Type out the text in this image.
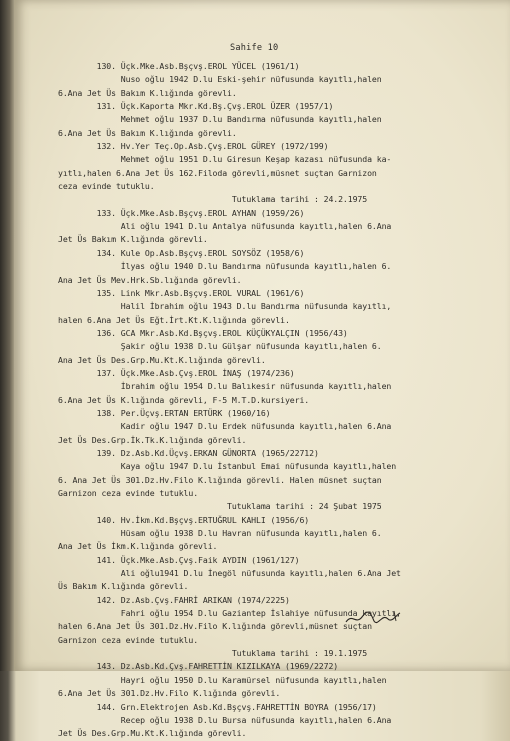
Sahife 10
130. Üçk.Mke.Asb.Bşçvş.EROL YÜCEL (1961/1)
Nuso oğlu 1942 D.lu Eski-şehir nüfusunda kayıtlı,halen
6.Ana Jet Üs Bakım K.lığında görevli.
131. Üçk.Kaporta Mkr.Kd.Bş.Çvş.EROL ÜZER (1957/1)
Mehmet oğlu 1937 D.lu Bandırma nüfusunda kayıtlı,halen
6.Ana Jet Üs Bakım K.lığında görevli.
132. Hv.Yer Teç.Op.Asb.Çvş.EROL GÜREY (1972/199)
Mehmet oğlu 1951 D.lu Giresun Keşap kazası nüfusunda ka-
yıtlı,halen 6.Ana Jet Üs 162.Filoda görevli,müsnet suçtan Garnizon
ceza evinde tutuklu.
Tutuklama tarihi : 24.2.1975
133. Üçk.Mke.Asb.Bşçvş.EROL AYHAN (1959/26)
Ali oğlu 1941 D.lu Antalya nüfusunda kayıtlı,halen 6.Ana
Jet Üs Bakım K.lığında görevli.
134. Kule Op.Asb.Bşçvş.EROL SOYSÖZ (1958/6)
İlyas oğlu 1940 D.lu Bandırma nüfusunda kayıtlı,halen 6.
Ana Jet Üs Mev.Hrk.Sb.lığında görevli.
135. Link Mkr.Asb.Bşçvş.EROL VURAL (1961/6)
Halil İbrahim oğlu 1943 D.lu Bandırma nüfusunda kayıtlı,
halen 6.Ana Jet Üs Eğt.İrt.Kt.K.lığında görevli.
136. GCA Mkr.Asb.Kd.Bşçvş.EROL KÜÇÜKYALÇIN (1956/43)
Şakir oğlu 1938 D.lu Gülşar nüfusunda kayıtlı,halen 6.
Ana Jet Üs Des.Grp.Mu.Kt.K.lığında görevli.
137. Üçk.Mke.Asb.Çvş.EROL İNAŞ (1974/236)
İbrahim oğlu 1954 D.lu Balıkesir nüfusunda kayıtlı,halen
6.Ana Jet Üs K.lığında görevli, F-5 M.T.D.kursiyeri.
138. Per.Üçvş.ERTAN ERTÜRK (1960/16)
Kadir oğlu 1947 D.lu Erdek nüfusunda kayıtlı,halen 6.Ana
Jet Üs Des.Grp.İk.Tk.K.lığında görevli.
139. Dz.Asb.Kd.Üçvş.ERKAN GÜNORTA (1965/22712)
Kaya oğlu 1947 D.lu İstanbul Emai nüfusunda kayıtlı,halen
6. Ana Jet Üs 301.Dz.Hv.Filo K.lığında görevli. Halen müsnet suçtan
Garnizon ceza evinde tutuklu.
Tutuklama tarihi : 24 Şubat 1975
140. Hv.İkm.Kd.Bşçvş.ERTUĞRUL KAHLI (1956/6)
Hüsam oğlu 1938 D.lu Havran nüfusunda kayıtlı,halen 6.
Ana Jet Üs İkm.K.lığında görevli.
141. Üçk.Mke.Asb.Çvş.Faik AYDIN (1961/127)
Ali oğlu1941 D.lu İnegöl nüfusunda kayıtlı,halen 6.Ana Jet
Üs Bakım K.lığında görevli.
142. Dz.Asb.Çvş.FAHRİ ARIKAN (1974/2225)
Fahri oğlu 1954 D.lu Gaziantep İslahiye nüfusunda kayıtlı,
halen 6.Ana Jet Üs 301.Dz.Hv.Filo K.lığında görevli,müsnet suçtan
Garnizon ceza evinde tutuklu.
Tutuklama tarihi : 19.1.1975
143. Dz.Asb.Kd.Çvş.FAHRETTİN KIZILKAYA (1969/2272)
Hayri oğlu 1950 D.lu Karamürsel nüfusunda kayıtlı,halen
6.Ana Jet Üs 301.Dz.Hv.Filo K.lığında görevli.
144. Grn.Elektrojen Asb.Kd.Bşçvş.FAHRETTİN BOYRA (1956/17)
Recep oğlu 1938 D.lu Bursa nüfusunda kayıtlı,halen 6.Ana
Jet Üs Des.Grp.Mu.Kt.K.lığında görevli.
